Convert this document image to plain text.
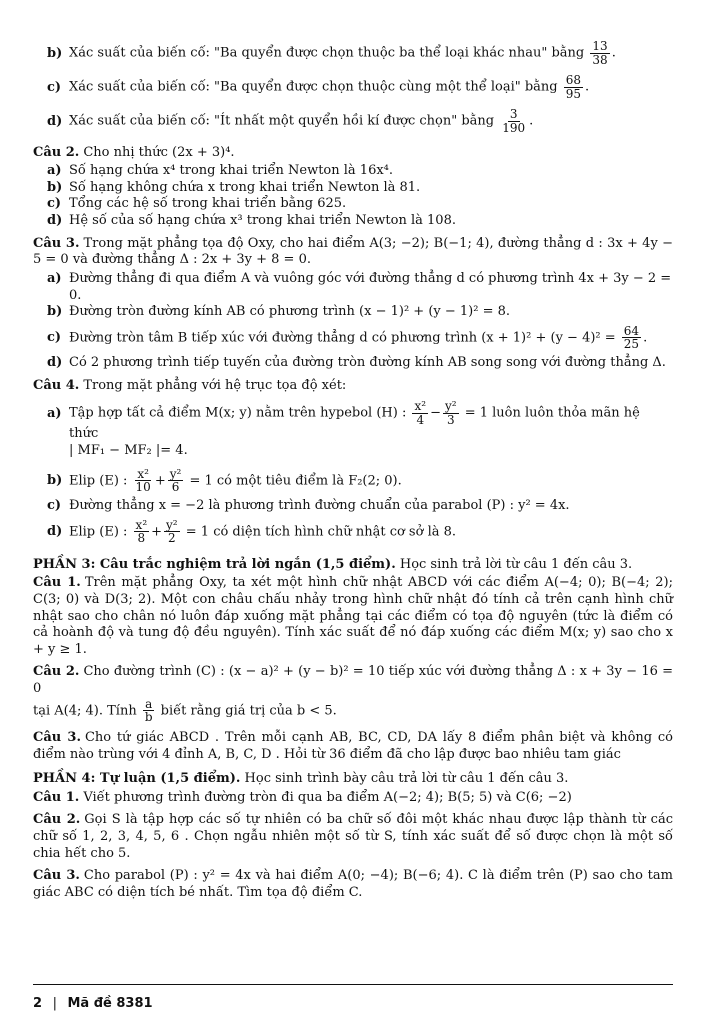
b) Xác suất của biến cố: "Ba quyển được chọn thuộc ba thể loại khác nhau" bằng $\frac{13}{38}$ .
c) Xác suất của biến cố: "Ba quyển được chọn thuộc cùng một thể loại" bằng $\frac{68}{95}$ .
d) Xác suất của biến cố: "Ít nhất một quyển hồi kí được chọn" bằng $\frac{3}{190}$ .
Câu 2. Cho nhị thức (2x + 3)⁴.
a) Số hạng chứa x⁴ trong khai triển Newton là 16x⁴.
b) Số hạng không chứa x trong khai triển Newton là 81.
c) Tổng các hệ số trong khai triển bằng 625.
d) Hệ số của số hạng chứa x³ trong khai triển Newton là 108.
Câu 3. Trong mặt phẳng tọa độ Oxy, cho hai điểm A(3; −2); B(−1; 4), đường thẳng d : 3x + 4y − 5 = 0 và đường thẳng Δ : 2x + 3y + 8 = 0.
a) Đường thẳng đi qua điểm A và vuông góc với đường thẳng d có phương trình 4x + 3y − 2 = 0.
b) Đường tròn đường kính AB có phương trình (x − 1)² + (y − 1)² = 8.
c) Đường tròn tâm B tiếp xúc với đường thẳng d có phương trình $(x + 1)^2 + (y - 4)^2 = \frac{64}{25}$ .
d) Có 2 phương trình tiếp tuyến của đường tròn đường kính AB song song với đường thẳng Δ.
Câu 4. Trong mặt phẳng với hệ trục tọa độ xét:
a) Tập hợp tất cả điểm M(x; y) nằm trên hypebol (H) : $\frac{\text{x²}}{4} - \frac{\text{y²}}{3} = 1$ luôn luôn thỏa mãn hệ thức
| MF₁ − MF₂ |= 4.
b) Elip (E) : $\frac{\text{x²}}{10} + \frac{\text{y²}}{6} = 1$ có một tiêu điểm là F₂(2; 0).
c) Đường thẳng x = −2 là phương trình đường chuẩn của parabol (P) : y² = 4x.
d) Elip (E) : $\frac{\text{x²}}{8} + \frac{\text{y²}}{2} = 1$ có diện tích hình chữ nhật cơ sở là 8.
PHẦN 3: Câu trắc nghiệm trả lời ngắn (1,5 điểm). Học sinh trả lời từ câu 1 đến câu 3.
Câu 1. Trên mặt phẳng Oxy, ta xét một hình chữ nhật ABCD với các điểm A(−4; 0); B(−4; 2); C(3; 0) và D(3; 2). Một con châu chấu nhảy trong hình chữ nhật đó tính cả trên cạnh hình chữ nhật sao cho chân nó luôn đáp xuống mặt phẳng tại các điểm có tọa độ nguyên (tức là điểm có cả hoành độ và tung độ đều nguyên). Tính xác suất để nó đáp xuống các điểm M(x; y) sao cho x + y ≥ 1.
Câu 2. Cho đường trình (C) : (x − a)² + (y − b)² = 10 tiếp xúc với đường thẳng Δ : x + 3y − 16 = 0
tại A(4; 4). Tính $\frac{a}{b}$ biết rằng giá trị của b < 5.
Câu 3. Cho tứ giác ABCD . Trên mỗi cạnh AB, BC, CD, DA lấy 8 điểm phân biệt và không có điểm nào trùng với 4 đỉnh A, B, C, D . Hỏi từ 36 điểm đã cho lập được bao nhiêu tam giác
PHẦN 4: Tự luận (1,5 điểm). Học sinh trình bày câu trả lời từ câu 1 đến câu 3.
Câu 1. Viết phương trình đường tròn đi qua ba điểm A(−2; 4); B(5; 5) và C(6; −2)
Câu 2. Gọi S là tập hợp các số tự nhiên có ba chữ số đôi một khác nhau được lập thành từ các chữ số 1, 2, 3, 4, 5, 6 . Chọn ngẫu nhiên một số từ S, tính xác suất để số được chọn là một số chia hết cho 5.
Câu 3. Cho parabol (P) : y² = 4x và hai điểm A(0; −4); B(−6; 4). C là điểm trên (P) sao cho tam giác ABC có diện tích bé nhất. Tìm tọa độ điểm C.
2 | Mã đề 8381
